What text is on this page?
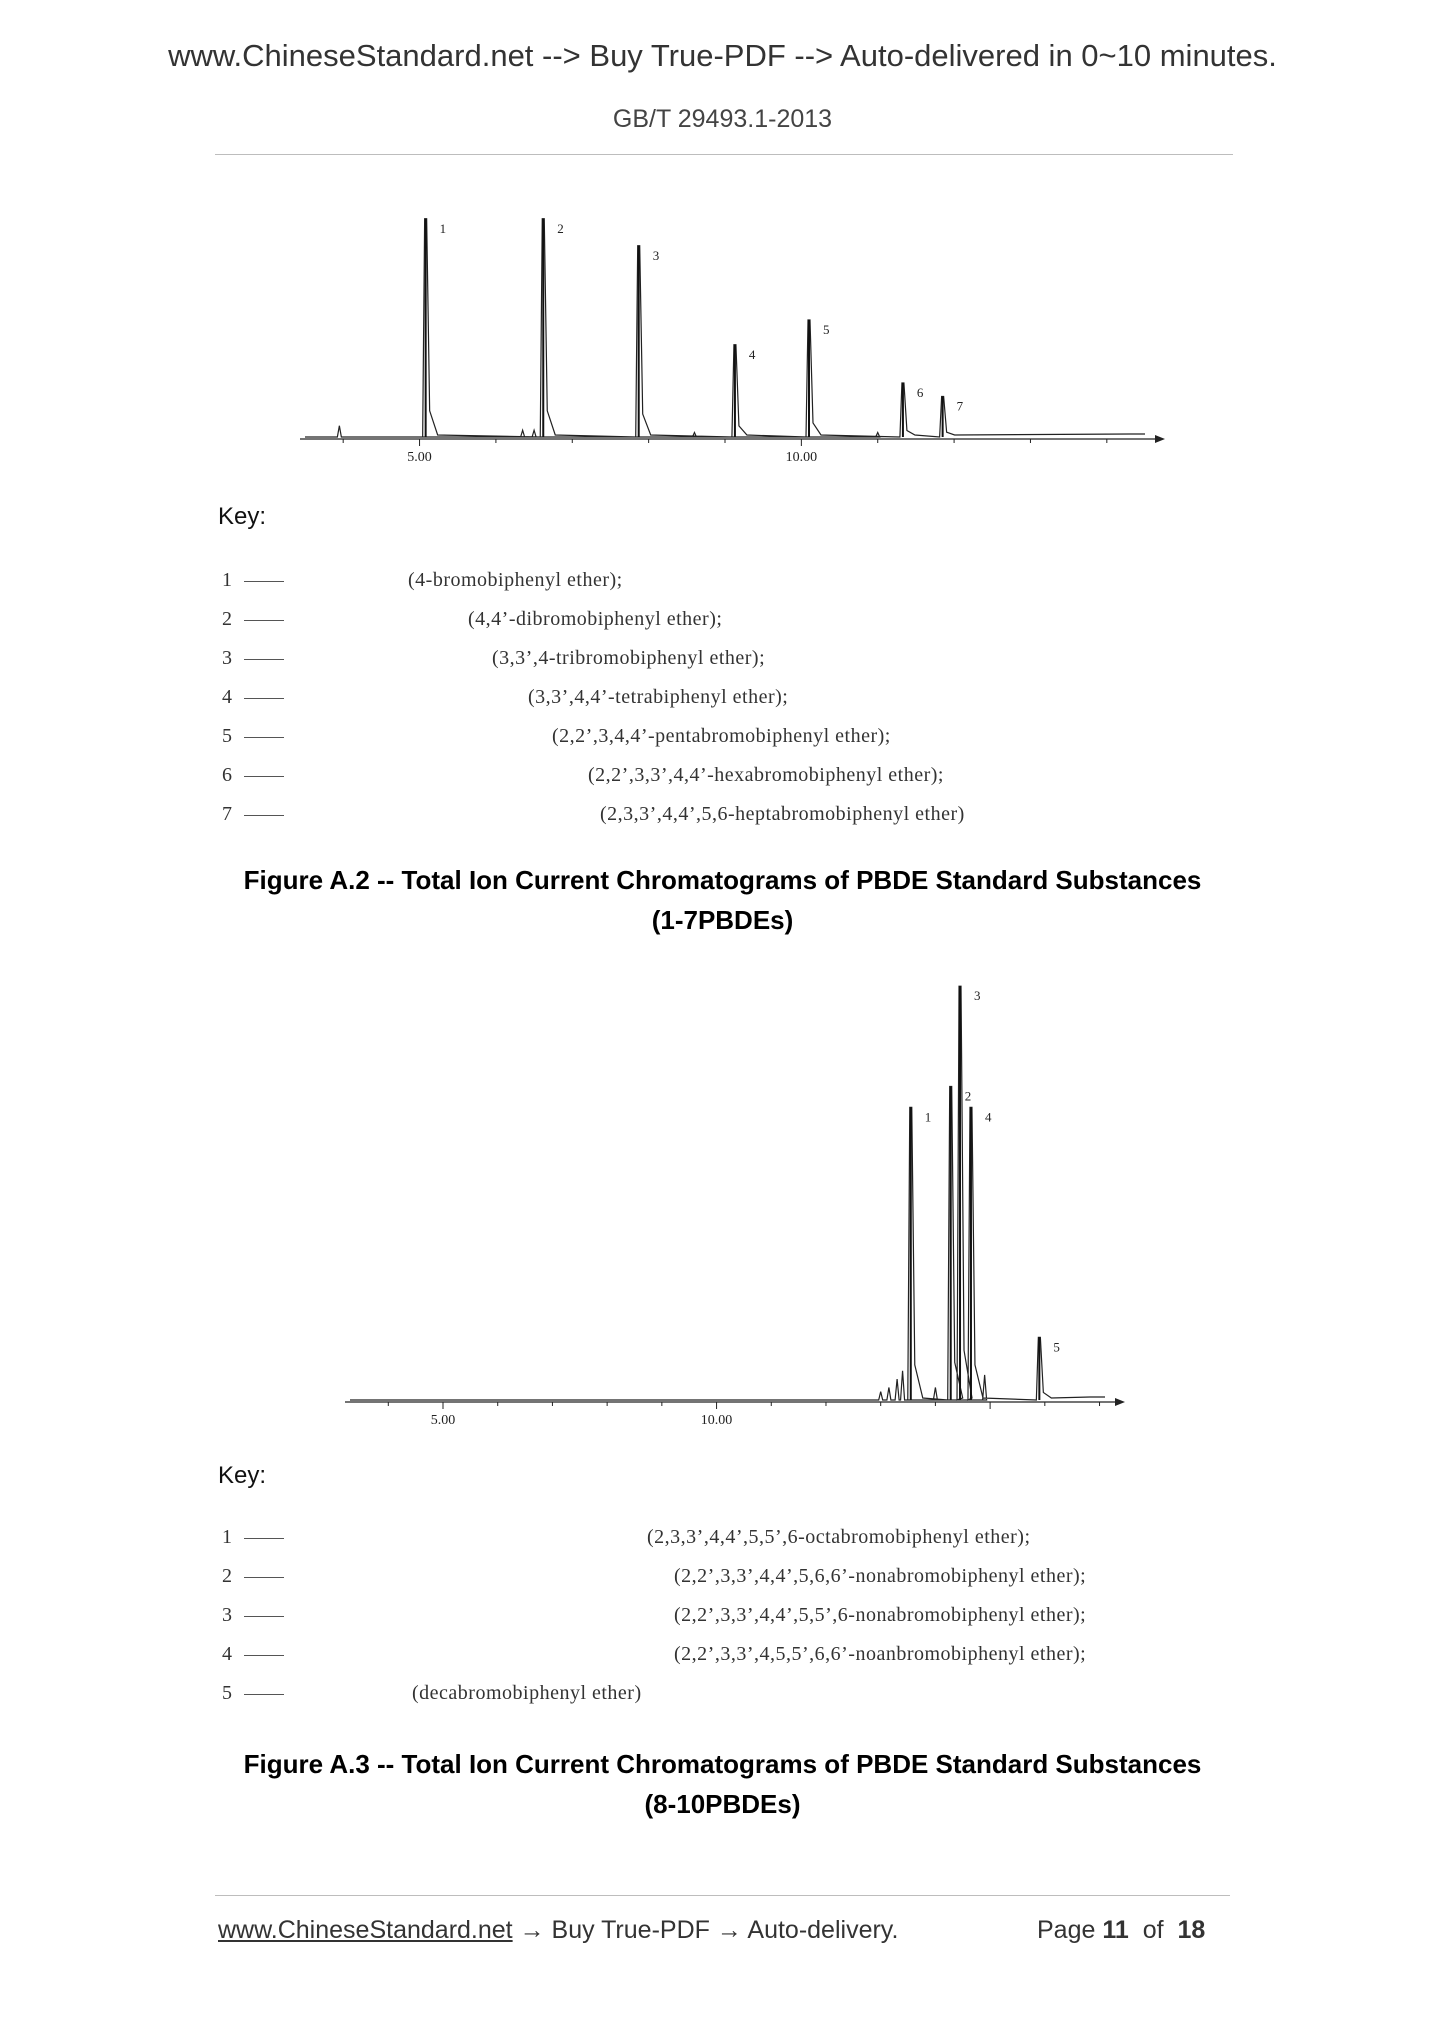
www.ChineseStandard.net --> Buy True-PDF --> Auto-delivered in 0~10 minutes.
GB/T 29493.1-2013
5.00	10.00
1	2
3
4
5
6
7
Key:
1	(4-bromobiphenyl ether);
2	(4,4’-dibromobiphenyl ether);
3	(3,3’,4-tribromobiphenyl ether);
4	(3,3’,4,4’-tetrabiphenyl ether);
5	(2,2’,3,4,4’-pentabromobiphenyl ether);
6	(2,2’,3,3’,4,4’-hexabromobiphenyl ether);
7	(2,3,3’,4,4’,5,6-heptabromobiphenyl ether)
Figure A.2 -- Total Ion Current Chromatograms of PBDE Standard Substances
(1-7PBDEs)
5.00	10.00
1
2
3
4
5
Key:
1	(2,3,3’,4,4’,5,5’,6-octabromobiphenyl ether);
2	(2,2’,3,3’,4,4’,5,6,6’-nonabromobiphenyl ether);
3	(2,2’,3,3’,4,4’,5,5’,6-nonabromobiphenyl ether);
4	(2,2’,3,3’,4,5,5’,6,6’-noanbromobiphenyl ether);
5	(decabromobiphenyl ether)
Figure A.3 -- Total Ion Current Chromatograms of PBDE Standard Substances
(8-10PBDEs)
www.ChineseStandard.net → Buy True-PDF → Auto-delivery.	Page 11 of 18
